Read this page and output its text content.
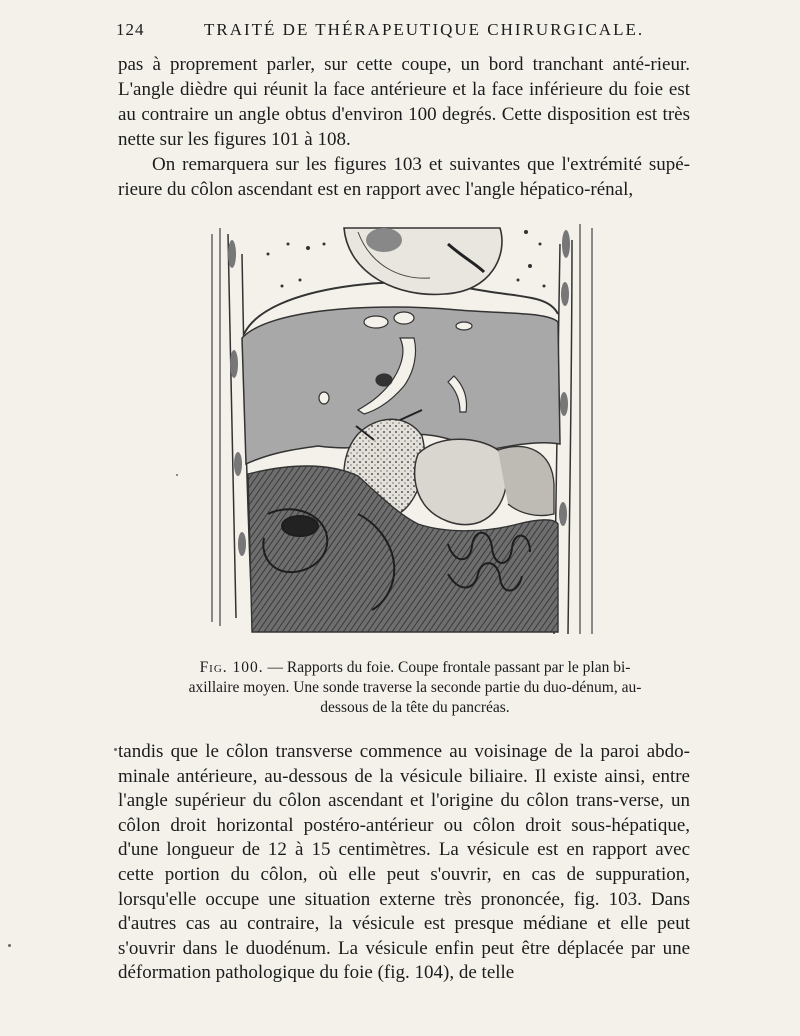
124	TRAITÉ DE THÉRAPEUTIQUE CHIRURGICALE.

pas à proprement parler, sur cette coupe, un bord tranchant anté-rieur. L'angle dièdre qui réunit la face antérieure et la face inférieure du foie est au contraire un angle obtus d'environ 100 degrés. Cette disposition est très nette sur les figures 101 à 108.

On remarquera sur les figures 103 et suivantes que l'extrémité supé-rieure du côlon ascendant est en rapport avec l'angle hépatico-rénal,

Fig. 100. — Rapports du foie. Coupe frontale passant par le plan bi-axillaire moyen. Une sonde traverse la seconde partie du duo-dénum, au-dessous de la tête du pancréas.

tandis que le côlon transverse commence au voisinage de la paroi abdo-minale antérieure, au-dessous de la vésicule biliaire. Il existe ainsi, entre l'angle supérieur du côlon ascendant et l'origine du côlon trans-verse, un côlon droit horizontal postéro-antérieur ou côlon droit sous-hépatique, d'une longueur de 12 à 15 centimètres. La vésicule est en rapport avec cette portion du côlon, où elle peut s'ouvrir, en cas de suppuration, lorsqu'elle occupe une situation externe très prononcée, fig. 103. Dans d'autres cas au contraire, la vésicule est presque médiane et elle peut s'ouvrir dans le duodénum. La vésicule enfin peut être déplacée par une déformation pathologique du foie (fig. 104), de telle
